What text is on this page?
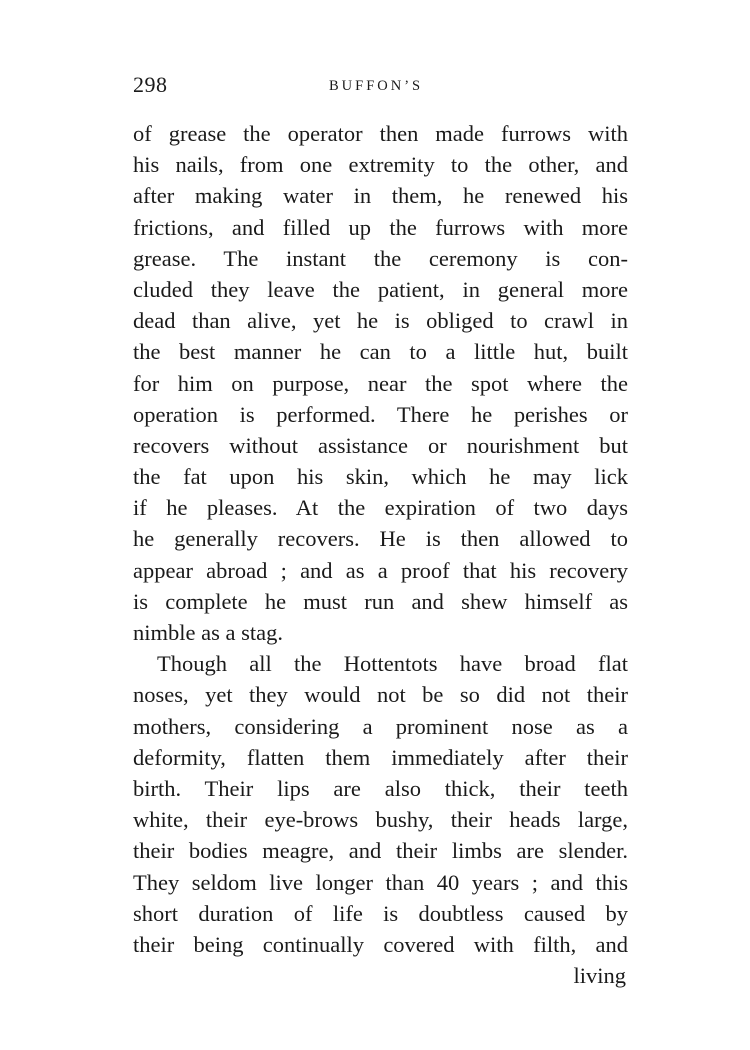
298	BUFFON’S
of grease the operator then made furrows with
his nails, from one extremity to the other, and
after making water in them, he renewed his
frictions, and filled up the furrows with more
grease. The instant the ceremony is con-
cluded they leave the patient, in general more
dead than alive, yet he is obliged to crawl in
the best manner he can to a little hut, built
for him on purpose, near the spot where the
operation is performed. There he perishes or
recovers without assistance or nourishment but
the fat upon his skin, which he may lick
if he pleases. At the expiration of two days
he generally recovers. He is then allowed to
appear abroad ; and as a proof that his recovery
is complete he must run and shew himself as
nimble as a stag.
Though all the Hottentots have broad flat
noses, yet they would not be so did not their
mothers, considering a prominent nose as a
deformity, flatten them immediately after their
birth. Their lips are also thick, their teeth
white, their eye-brows bushy, their heads large,
their bodies meagre, and their limbs are slender.
They seldom live longer than 40 years ; and this
short duration of life is doubtless caused by
their being continually covered with filth, and
living
